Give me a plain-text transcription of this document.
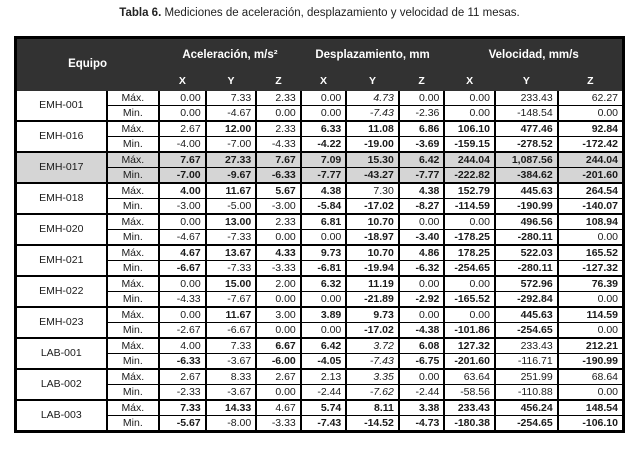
Tabla 6. Mediciones de aceleración, desplazamiento y velocidad de 11 mesas.
Equipo		Aceleración, m/s²			Desplazamiento, mm			Velocidad, mm/s		
		X	Y	Z	X	Y	Z	X	Y	Z
EMH-001	Máx.	0.00	7.33	2.33	0.00	4.73	0.00	0.00	233.43	62.27
	Min.	0.00	-4.67	0.00	0.00	-7.43	-2.36	0.00	-148.54	0.00
EMH-016	Máx.	2.67	12.00	2.33	6.33	11.08	6.86	106.10	477.46	92.84
	Min.	-4.00	-7.00	-4.33	-4.22	-19.00	-3.69	-159.15	-278.52	-172.42
EMH-017	Máx.	7.67	27.33	7.67	7.09	15.30	6.42	244.04	1,087.56	244.04
	Min.	-7.00	-9.67	-6.33	-7.77	-43.27	-7.77	-222.82	-384.62	-201.60
EMH-018	Máx.	4.00	11.67	5.67	4.38	7.30	4.38	152.79	445.63	264.54
	Min.	-3.00	-5.00	-3.00	-5.84	-17.02	-8.27	-114.59	-190.99	-140.07
EMH-020	Máx.	0.00	13.00	2.33	6.81	10.70	0.00	0.00	496.56	108.94
	Min.	-4.67	-7.33	0.00	0.00	-18.97	-3.40	-178.25	-280.11	0.00
EMH-021	Máx.	4.67	13.67	4.33	9.73	10.70	4.86	178.25	522.03	165.52
	Min.	-6.67	-7.33	-3.33	-6.81	-19.94	-6.32	-254.65	-280.11	-127.32
EMH-022	Máx.	0.00	15.00	2.00	6.32	11.19	0.00	0.00	572.96	76.39
	Min.	-4.33	-7.67	0.00	0.00	-21.89	-2.92	-165.52	-292.84	0.00
EMH-023	Máx.	0.00	11.67	3.00	3.89	9.73	0.00	0.00	445.63	114.59
	Min.	-2.67	-6.67	0.00	0.00	-17.02	-4.38	-101.86	-254.65	0.00
LAB-001	Máx.	4.00	7.33	6.67	6.42	3.72	6.08	127.32	233.43	212.21
	Min.	-6.33	-3.67	-6.00	-4.05	-7.43	-6.75	-201.60	-116.71	-190.99
LAB-002	Máx.	2.67	8.33	2.67	2.13	3.35	0.00	63.64	251.99	68.64
	Min.	-2.33	-3.67	0.00	-2.44	-7.62	-2.44	-58.56	-110.88	0.00
LAB-003	Máx.	7.33	14.33	4.67	5.74	8.11	3.38	233.43	456.24	148.54
	Min.	-5.67	-8.00	-3.33	-7.43	-14.52	-4.73	-180.38	-254.65	-106.10
